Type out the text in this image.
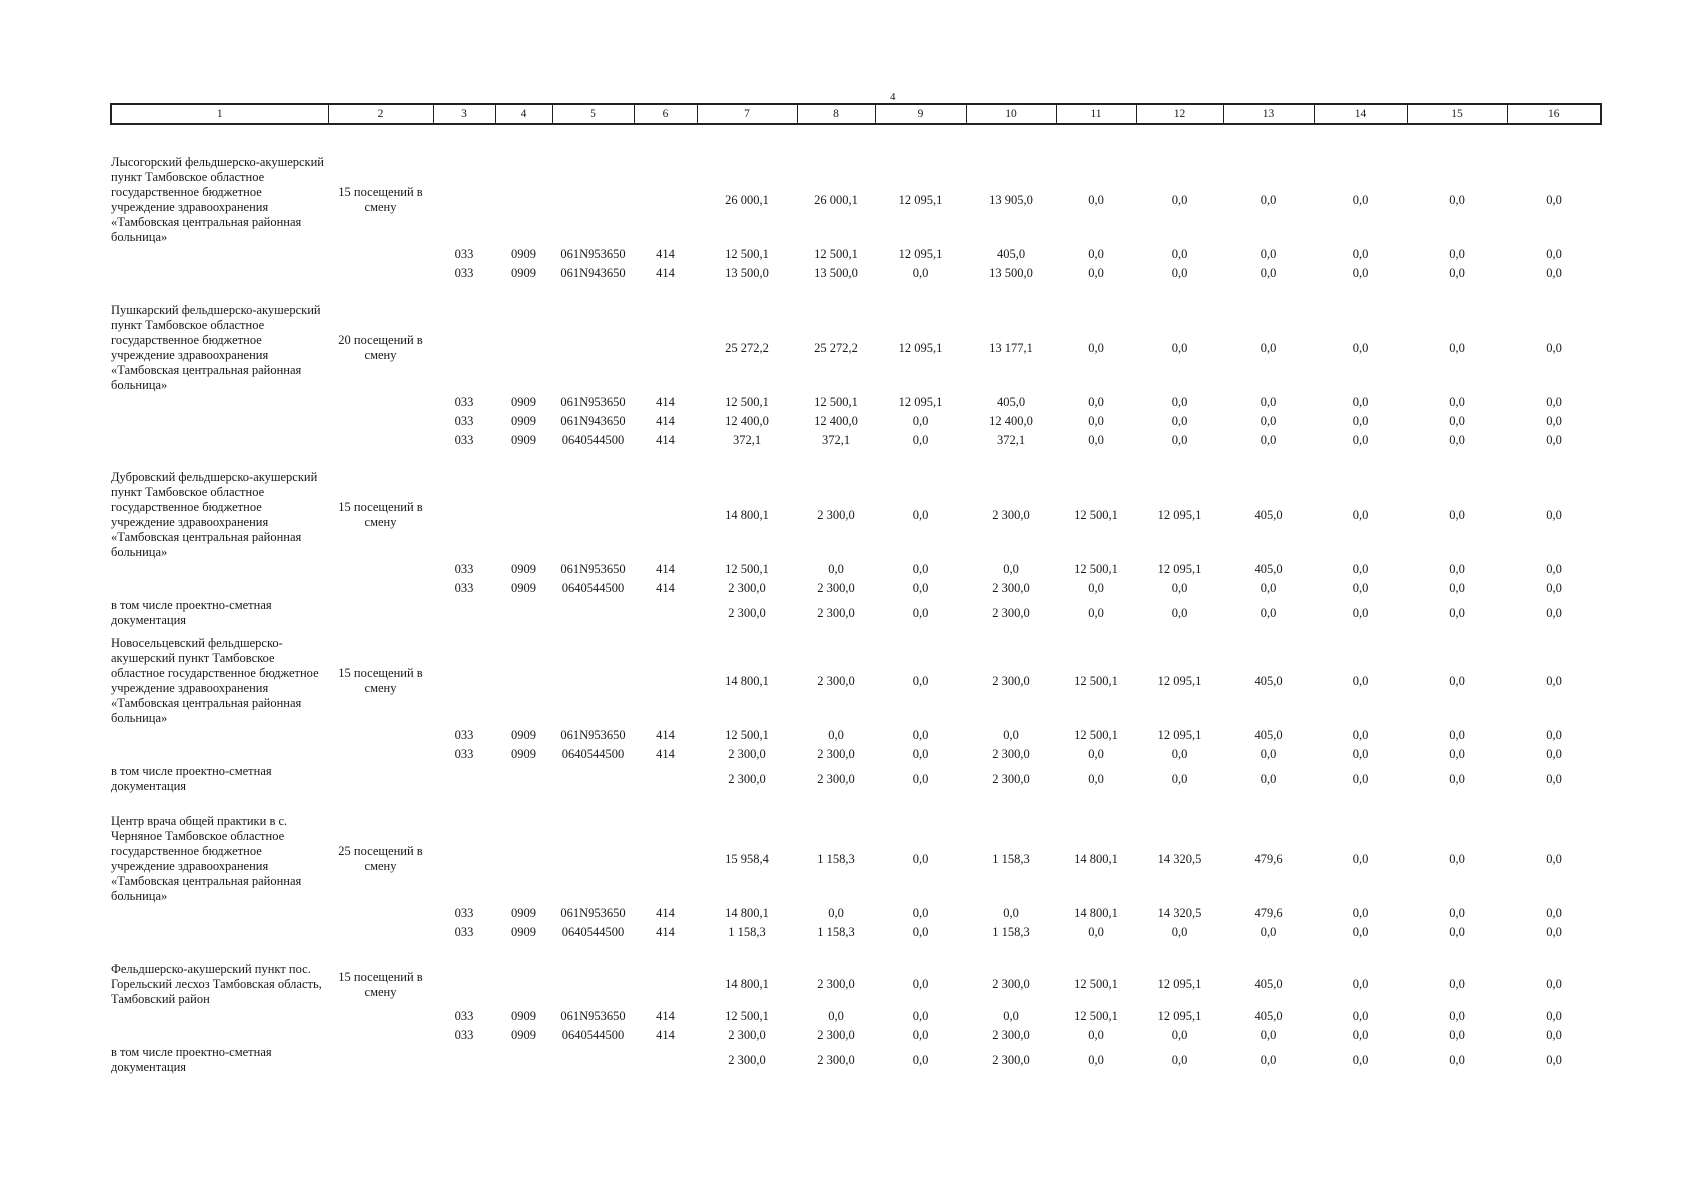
4
1	2	3	4	5	6	7	8	9	10	11	12	13	14	15	16

Лысогорский фельдшерско-акушерский пункт Тамбовское областное государственное бюджетное учреждение здравоохранения «Тамбовская центральная районная больница»	15 посещений в смену					26 000,1	26 000,1	12 095,1	13 905,0	0,0	0,0	0,0	0,0	0,0	0,0
		033	0909	061N953650	414	12 500,1	12 500,1	12 095,1	405,0	0,0	0,0	0,0	0,0	0,0	0,0
		033	0909	061N943650	414	13 500,0	13 500,0	0,0	13 500,0	0,0	0,0	0,0	0,0	0,0	0,0

Пушкарский фельдшерско-акушерский пункт Тамбовское областное государственное бюджетное учреждение здравоохранения «Тамбовская центральная районная больница»	20 посещений в смену					25 272,2	25 272,2	12 095,1	13 177,1	0,0	0,0	0,0	0,0	0,0	0,0
		033	0909	061N953650	414	12 500,1	12 500,1	12 095,1	405,0	0,0	0,0	0,0	0,0	0,0	0,0
		033	0909	061N943650	414	12 400,0	12 400,0	0,0	12 400,0	0,0	0,0	0,0	0,0	0,0	0,0
		033	0909	0640544500	414	372,1	372,1	0,0	372,1	0,0	0,0	0,0	0,0	0,0	0,0

Дубровский фельдшерско-акушерский пункт Тамбовское областное государственное бюджетное учреждение здравоохранения «Тамбовская центральная районная больница»	15 посещений в смену					14 800,1	2 300,0	0,0	2 300,0	12 500,1	12 095,1	405,0	0,0	0,0	0,0
		033	0909	061N953650	414	12 500,1	0,0	0,0	0,0	12 500,1	12 095,1	405,0	0,0	0,0	0,0
		033	0909	0640544500	414	2 300,0	2 300,0	0,0	2 300,0	0,0	0,0	0,0	0,0	0,0	0,0
в том числе проектно-сметная документация						2 300,0	2 300,0	0,0	2 300,0	0,0	0,0	0,0	0,0	0,0	0,0

Новосельцевский фельдшерско-акушерский пункт Тамбовское областное государственное бюджетное учреждение здравоохранения «Тамбовская центральная районная больница»	15 посещений в смену					14 800,1	2 300,0	0,0	2 300,0	12 500,1	12 095,1	405,0	0,0	0,0	0,0
		033	0909	061N953650	414	12 500,1	0,0	0,0	0,0	12 500,1	12 095,1	405,0	0,0	0,0	0,0
		033	0909	0640544500	414	2 300,0	2 300,0	0,0	2 300,0	0,0	0,0	0,0	0,0	0,0	0,0
в том числе проектно-сметная документация						2 300,0	2 300,0	0,0	2 300,0	0,0	0,0	0,0	0,0	0,0	0,0

Центр врача общей практики в с. Черняное Тамбовское областное государственное бюджетное учреждение здравоохранения «Тамбовская центральная районная больница»	25 посещений в смену					15 958,4	1 158,3	0,0	1 158,3	14 800,1	14 320,5	479,6	0,0	0,0	0,0
		033	0909	061N953650	414	14 800,1	0,0	0,0	0,0	14 800,1	14 320,5	479,6	0,0	0,0	0,0
		033	0909	0640544500	414	1 158,3	1 158,3	0,0	1 158,3	0,0	0,0	0,0	0,0	0,0	0,0

Фельдшерско-акушерский пункт пос. Горельский лесхоз Тамбовская область, Тамбовский район	15 посещений в смену					14 800,1	2 300,0	0,0	2 300,0	12 500,1	12 095,1	405,0	0,0	0,0	0,0
		033	0909	061N953650	414	12 500,1	0,0	0,0	0,0	12 500,1	12 095,1	405,0	0,0	0,0	0,0
		033	0909	0640544500	414	2 300,0	2 300,0	0,0	2 300,0	0,0	0,0	0,0	0,0	0,0	0,0
в том числе проектно-сметная документация						2 300,0	2 300,0	0,0	2 300,0	0,0	0,0	0,0	0,0	0,0	0,0
